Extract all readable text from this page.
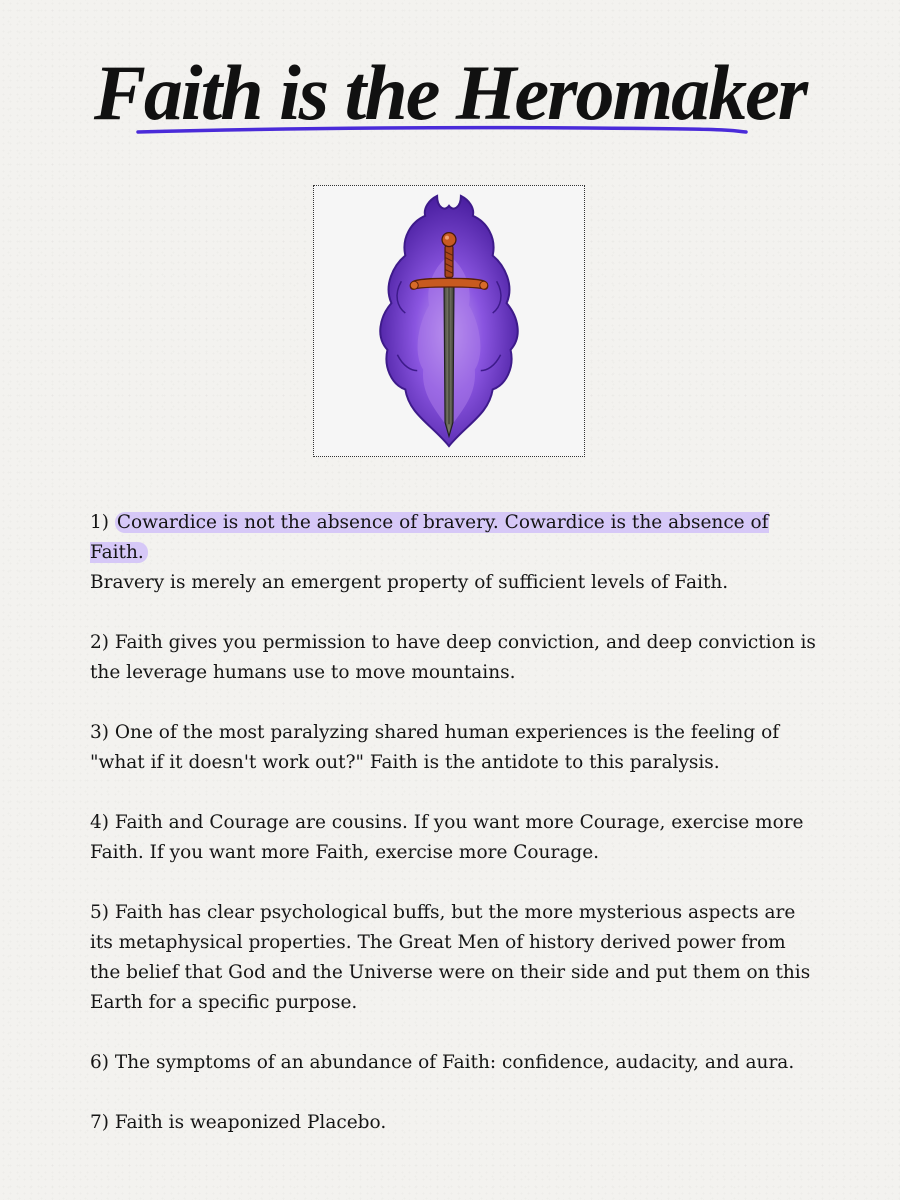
Faith is the Heromaker

1) Cowardice is not the absence of bravery. Cowardice is the absence of Faith.
Bravery is merely an emergent property of sufficient levels of Faith.

2) Faith gives you permission to have deep conviction, and deep conviction is the leverage humans use to move mountains.

3) One of the most paralyzing shared human experiences is the feeling of "what if it doesn't work out?" Faith is the antidote to this paralysis.

4) Faith and Courage are cousins. If you want more Courage, exercise more Faith. If you want more Faith, exercise more Courage.

5) Faith has clear psychological buffs, but the more mysterious aspects are its metaphysical properties. The Great Men of history derived power from the belief that God and the Universe were on their side and put them on this Earth for a specific purpose.

6) The symptoms of an abundance of Faith: confidence, audacity, and aura.

7) Faith is weaponized Placebo.
